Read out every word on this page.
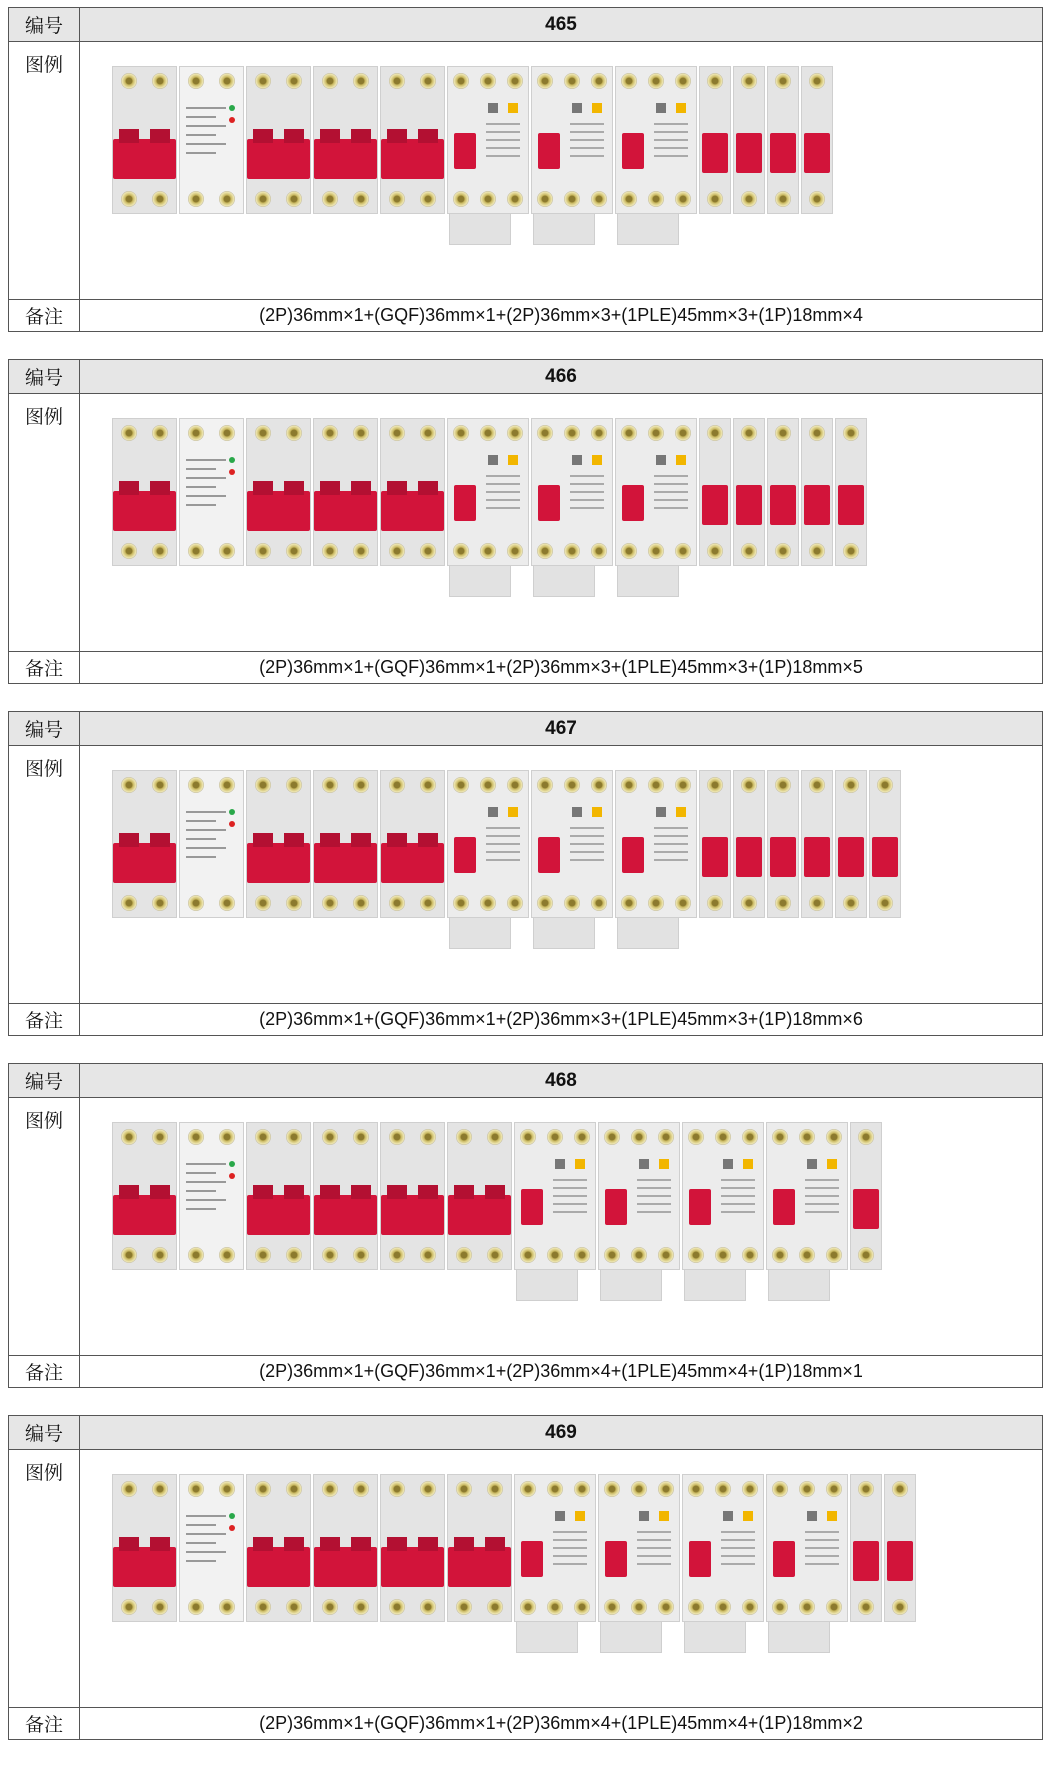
编号	465
图例	

备注	(2P)36mm×1+(GQF)36mm×1+(2P)36mm×3+(1PLE)45mm×3+(1P)18mm×4
编号	466
图例	

备注	(2P)36mm×1+(GQF)36mm×1+(2P)36mm×3+(1PLE)45mm×3+(1P)18mm×5
编号	467
图例	

备注	(2P)36mm×1+(GQF)36mm×1+(2P)36mm×3+(1PLE)45mm×3+(1P)18mm×6
编号	468
图例	

备注	(2P)36mm×1+(GQF)36mm×1+(2P)36mm×4+(1PLE)45mm×4+(1P)18mm×1
编号	469
图例	

备注	(2P)36mm×1+(GQF)36mm×1+(2P)36mm×4+(1PLE)45mm×4+(1P)18mm×2
